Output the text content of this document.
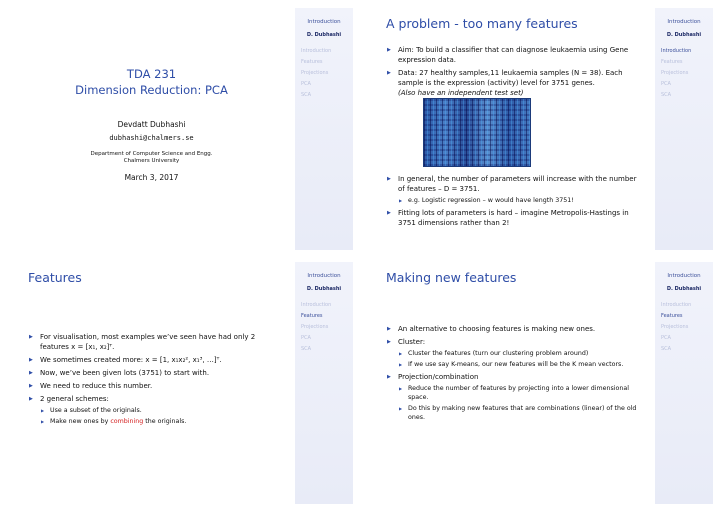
TDA 231
Dimension Reduction: PCA
Devdatt Dubhashi
dubhashi@chalmers.se
Department of Computer Science and Engg.
Chalmers University
March 3, 2017
Introduction
D. Dubhashi
Introduction
Features
Projections
PCA
SCA
A problem - too many features
▶ Aim: To build a classifier that can diagnose leukaemia using Gene expression data.
▶ Data: 27 healthy samples,11 leukaemia samples (N = 38). Each sample is the expression (activity) level for 3751 genes.
(Also have an independent test set)
▶ In general, the number of parameters will increase with the number of features – D = 3751.
▶ e.g. Logistic regression – w would have length 3751!
▶ Fitting lots of parameters is hard – imagine Metropolis-Hastings in 3751 dimensions rather than 2!
Introduction
D. Dubhashi
Introduction
Features
Projections
PCA
SCA
Features
▶ For visualisation, most examples we’ve seen have had only 2 features x = [x₁, x₂]ᵀ.
▶ We sometimes created more: x = [1, x₁x₂², x₁³, …]ᵀ.
▶ Now, we’ve been given lots (3751) to start with.
▶ We need to reduce this number.
▶ 2 general schemes:
▶ Use a subset of the originals.
▶ Make new ones by combining the originals.
Introduction
D. Dubhashi
Introduction
Features
Projections
PCA
SCA
Making new features
▶ An alternative to choosing features is making new ones.
▶ Cluster:
▶ Cluster the features (turn our clustering problem around)
▶ If we use say K-means, our new features will be the K mean vectors.
▶ Projection/combination
▶ Reduce the number of features by projecting into a lower dimensional space.
▶ Do this by making new features that are combinations (linear) of the old ones.
Introduction
D. Dubhashi
Introduction
Features
Projections
PCA
SCA
